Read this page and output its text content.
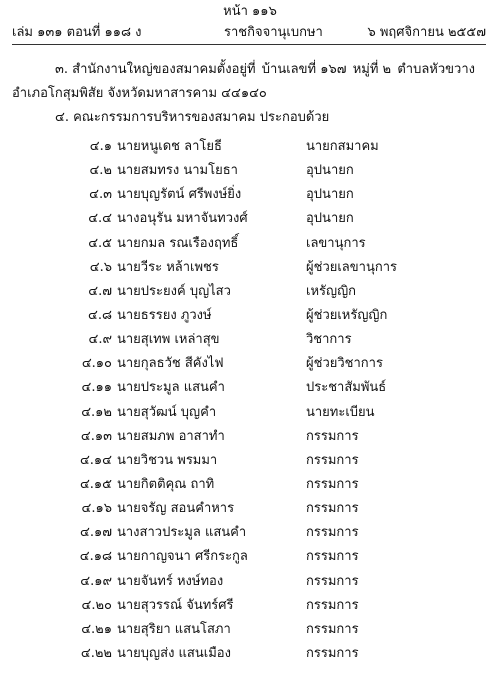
หน้า ๑๑๖
เล่ม ๑๓๑ ตอนที่ ๑๑๘ ง	ราชกิจจานุเบกษา	๖ พฤศจิกายน ๒๕๕๗
๓. สำนักงานใหญ่ของสมาคมตั้งอยู่ที่ บ้านเลขที่ ๑๖๗ หมู่ที่ ๒ ตำบลหัวขวาง
อำเภอโกสุมพิสัย จังหวัดมหาสารคาม ๔๔๑๔๐
๔. คณะกรรมการบริหารของสมาคม ประกอบด้วย
๔.๑ นายหนูเดช ลาโยธี	นายกสมาคม
๔.๒ นายสมทรง นามโยธา	อุปนายก
๔.๓ นายบุญรัตน์ ศรีพงษ์ยิ่ง	อุปนายก
๔.๔ นางอนุรัน มหาจันทวงศ์	อุปนายก
๔.๕ นายกมล รณเรืองฤทธิ์	เลขานุการ
๔.๖ นายวีระ หล้าเพชร	ผู้ช่วยเลขานุการ
๔.๗ นายประยงค์ บุญไสว	เหรัญญิก
๔.๘ นายธรรยง ภูวงษ์	ผู้ช่วยเหรัญญิก
๔.๙ นายสุเทพ เหล่าสุข	วิชาการ
๔.๑๐ นายกุลธวัช สีคังไฟ	ผู้ช่วยวิชาการ
๔.๑๑ นายประมูล แสนคำ	ประชาสัมพันธ์
๔.๑๒ นายสุวัฒน์ บุญคำ	นายทะเบียน
๔.๑๓ นายสมภพ อาสาทำ	กรรมการ
๔.๑๔ นายวิชวน พรมมา	กรรมการ
๔.๑๕ นายกิตติคุณ ถาทิ	กรรมการ
๔.๑๖ นายจรัญ สอนคำหาร	กรรมการ
๔.๑๗ นางสาวประมูล แสนคำ	กรรมการ
๔.๑๘ นายกาญจนา ศรีกระกูล	กรรมการ
๔.๑๙ นายจันทร์ หงษ์ทอง	กรรมการ
๔.๒๐ นายสุวรรณ์ จันทร์ศรี	กรรมการ
๔.๒๑ นายสุริยา แสนโสภา	กรรมการ
๔.๒๒ นายบุญส่ง แสนเมือง	กรรมการ
